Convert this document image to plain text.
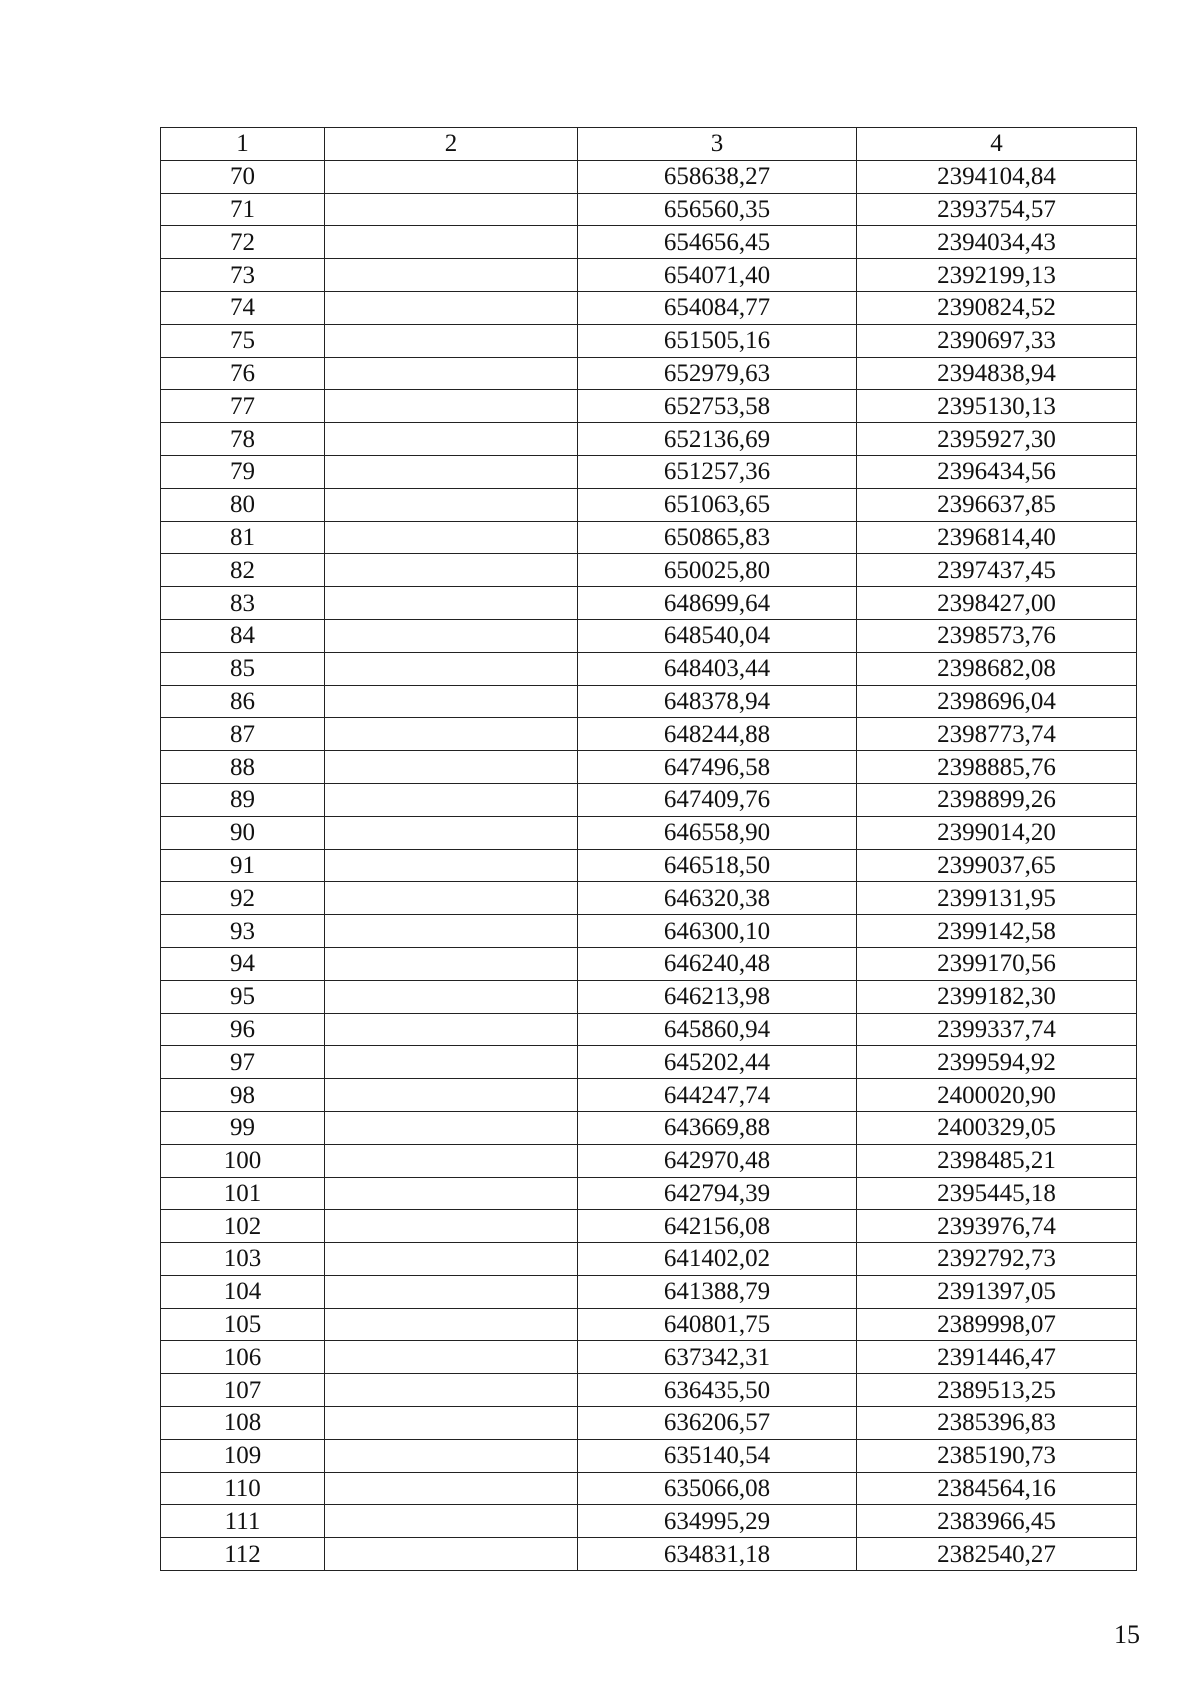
1	2	3	4
70		658638,27	2394104,84
71		656560,35	2393754,57
72		654656,45	2394034,43
73		654071,40	2392199,13
74		654084,77	2390824,52
75		651505,16	2390697,33
76		652979,63	2394838,94
77		652753,58	2395130,13
78		652136,69	2395927,30
79		651257,36	2396434,56
80		651063,65	2396637,85
81		650865,83	2396814,40
82		650025,80	2397437,45
83		648699,64	2398427,00
84		648540,04	2398573,76
85		648403,44	2398682,08
86		648378,94	2398696,04
87		648244,88	2398773,74
88		647496,58	2398885,76
89		647409,76	2398899,26
90		646558,90	2399014,20
91		646518,50	2399037,65
92		646320,38	2399131,95
93		646300,10	2399142,58
94		646240,48	2399170,56
95		646213,98	2399182,30
96		645860,94	2399337,74
97		645202,44	2399594,92
98		644247,74	2400020,90
99		643669,88	2400329,05
100		642970,48	2398485,21
101		642794,39	2395445,18
102		642156,08	2393976,74
103		641402,02	2392792,73
104		641388,79	2391397,05
105		640801,75	2389998,07
106		637342,31	2391446,47
107		636435,50	2389513,25
108		636206,57	2385396,83
109		635140,54	2385190,73
110		635066,08	2384564,16
111		634995,29	2383966,45
112		634831,18	2382540,27
15
